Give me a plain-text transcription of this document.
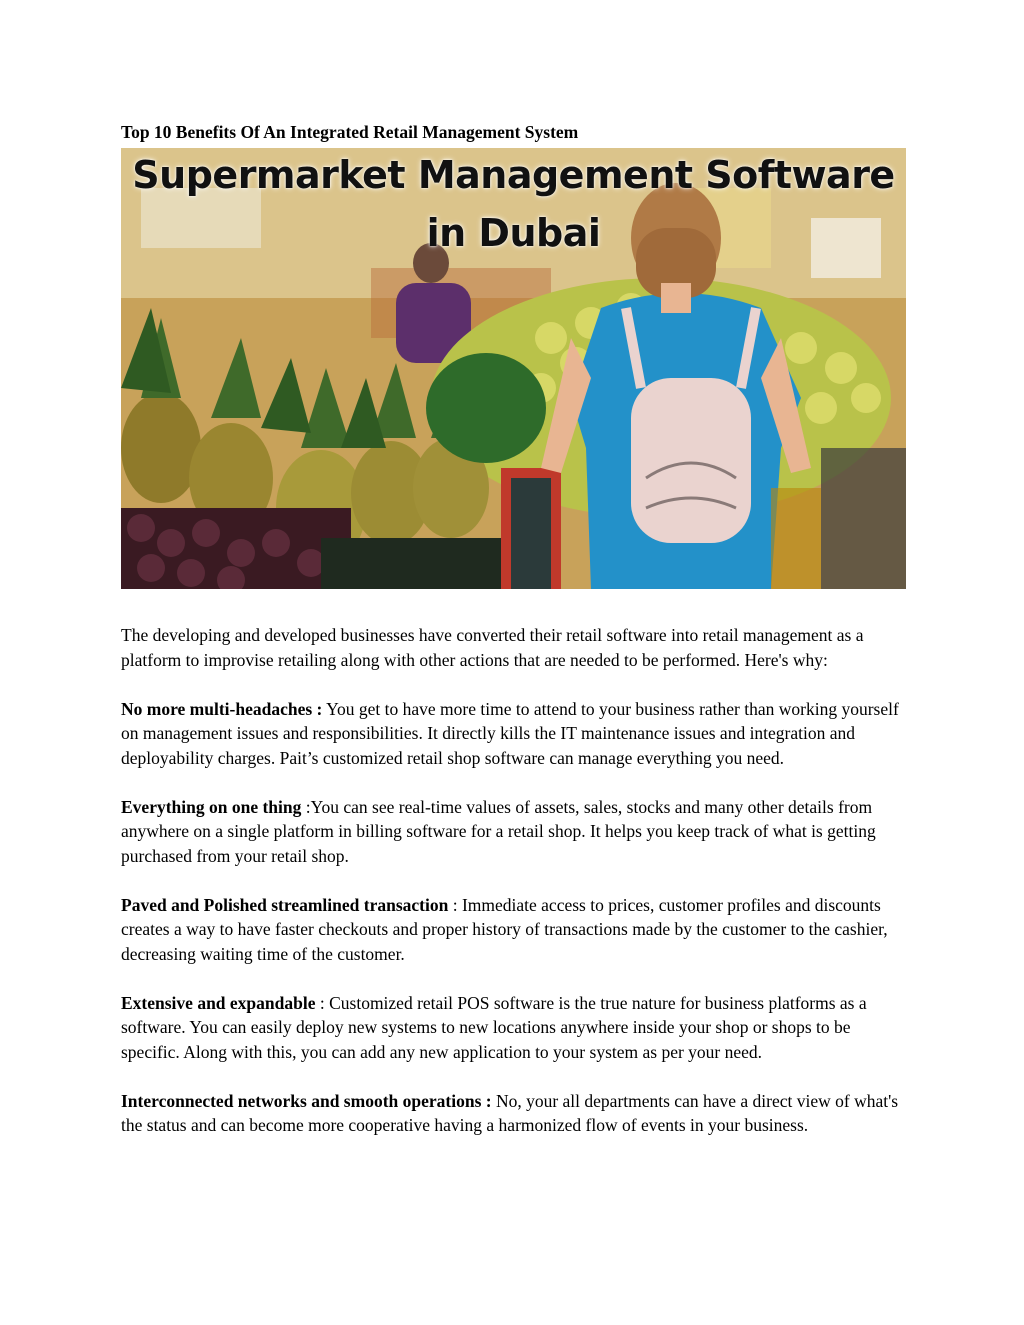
Top 10 Benefits Of An Integrated Retail Management System
Supermarket Management Software
in Dubai

The developing and developed businesses have converted their retail software into retail management as a platform to improvise retailing along with other actions that are needed to be performed. Here's why:

No more multi-headaches : You get to have more time to attend to your business rather than working yourself on management issues and responsibilities. It directly kills the IT maintenance issues and integration and deployability charges. Pait’s customized retail shop software can manage everything you need.

Everything on one thing :You can see real-time values of assets, sales, stocks and many other details from anywhere on a single platform in billing software for a retail shop. It helps you keep track of what is getting purchased from your retail shop.

Paved and Polished streamlined transaction : Immediate access to prices, customer profiles and discounts creates a way to have faster checkouts and proper history of transactions made by the customer to the cashier, decreasing waiting time of the customer.

Extensive and expandable : Customized retail POS software is the true nature for business platforms as a software. You can easily deploy new systems to new locations anywhere inside your shop or shops to be specific. Along with this, you can add any new application to your system as per your need.

Interconnected networks and smooth operations : No, your all departments can have a direct view of what's the status and can become more cooperative having a harmonized flow of events in your business.
